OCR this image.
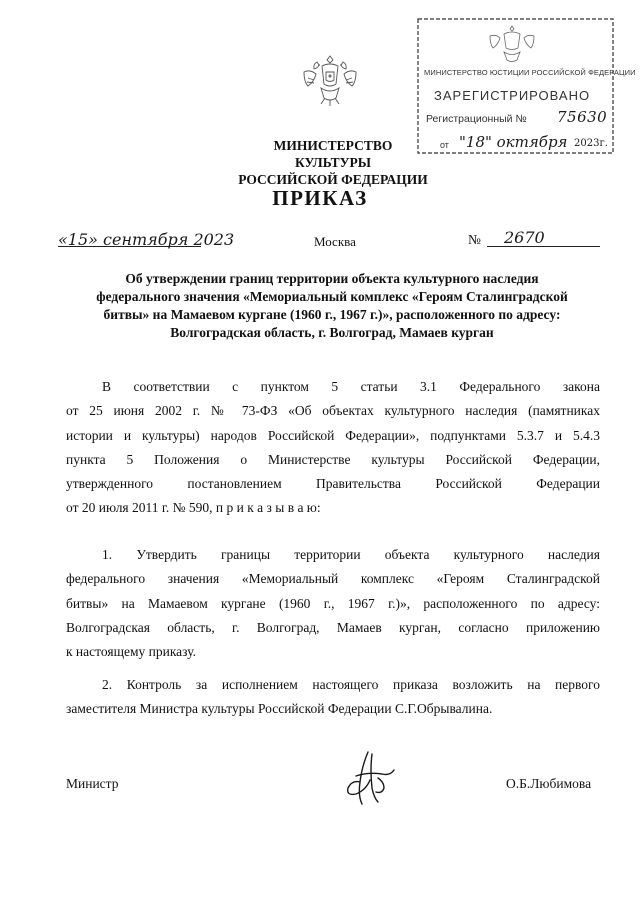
МИНИСТЕРСТВО ЮСТИЦИИ РОССИЙСКОЙ ФЕДЕРАЦИИ
ЗАРЕГИСТРИРОВАНО
Регистрационный № 75630
от "18" октября 2023г.
МИНИСТЕРСТВО КУЛЬТУРЫ
РОССИЙСКОЙ ФЕДЕРАЦИИ
ПРИКАЗ
«15» сентября 2023	Москва	№ 2670
Об утверждении границ территории объекта культурного наследия
федерального значения «Мемориальный комплекс «Героям Сталинградской
битвы» на Мамаевом кургане (1960 г., 1967 г.)», расположенного по адресу:
Волгоградская область, г. Волгоград, Мамаев курган
В соответствии с пунктом 5 статьи 3.1 Федерального закона
от 25 июня 2002 г. № 73-ФЗ «Об объектах культурного наследия (памятниках
истории и культуры) народов Российской Федерации», подпунктами 5.3.7 и 5.4.3
пункта 5 Положения о Министерстве культуры Российской Федерации,
утвержденного постановлением Правительства Российской Федерации
от 20 июля 2011 г. № 590, п р и к а з ы в а ю:
1. Утвердить границы территории объекта культурного наследия
федерального значения «Мемориальный комплекс «Героям Сталинградской
битвы» на Мамаевом кургане (1960 г., 1967 г.)», расположенного по адресу:
Волгоградская область, г. Волгоград, Мамаев курган, согласно приложению
к настоящему приказу.
2. Контроль за исполнением настоящего приказа возложить на первого
заместителя Министра культуры Российской Федерации С.Г.Обрывалина.
Министр	О.Б.Любимова
